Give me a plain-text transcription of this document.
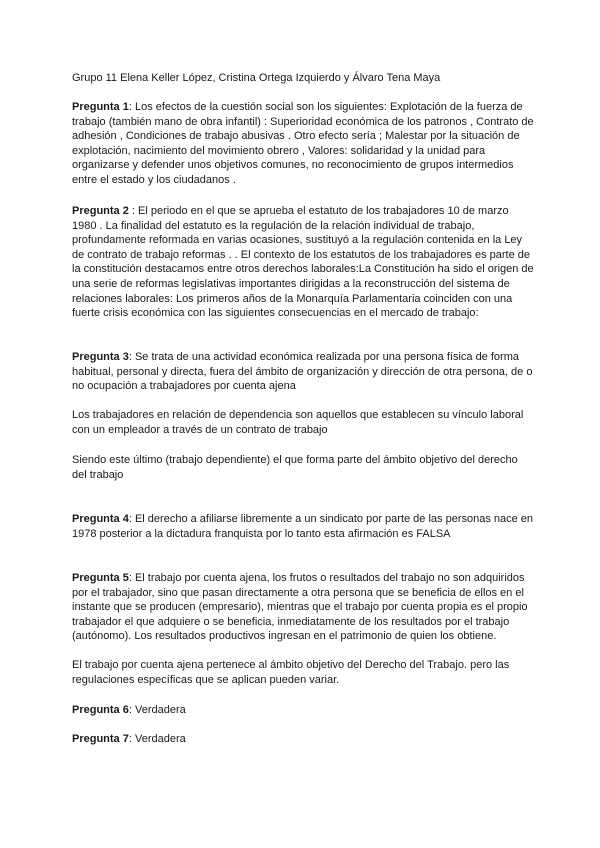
Grupo 11 Elena Keller López, Cristina Ortega Izquierdo y Álvaro Tena Maya

Pregunta 1: Los efectos de la cuestión social son los siguientes: Explotación de la fuerza de trabajo (también mano de obra infantil) : Superioridad económica de los patronos , Contrato de adhesión , Condiciones de trabajo abusivas . Otro efecto sería ; Malestar por la situación de explotación, nacimiento del movimiento obrero , Valores: solidaridad y la unidad para organizarse y defender unos objetivos comunes, no reconocimiento de grupos intermedios entre el estado y los ciudadanos .

Pregunta 2 : El periodo en el que se aprueba el estatuto de los trabajadores 10 de marzo 1980 . La finalidad del estatuto es la regulación de la relación individual de trabajo, profundamente reformada en varias ocasiones, sustituyó a la regulación contenida en la Ley de contrato de trabajo reformas . . El contexto de los estatutos de los trabajadores es parte de la constitución destacamos entre otros derechos laborales:La Constitución ha sido el origen de una serie de reformas legislativas importantes dirigidas a la reconstrucción del sistema de relaciones laborales: Los primeros años de la Monarquía Parlamentaria coinciden con una fuerte crisis económica con las siguientes consecuencias en el mercado de trabajo:

Pregunta 3: Se trata de una actividad económica realizada por una persona física de forma habitual, personal y directa, fuera del ámbito de organización y dirección de otra persona, de o no ocupación a trabajadores por cuenta ajena

Los trabajadores en relación de dependencia son aquellos que establecen su vínculo laboral con un empleador a través de un contrato de trabajo

Siendo este último (trabajo dependiente) el que forma parte del ámbito objetivo del derecho del trabajo

Pregunta 4: El derecho a afiliarse libremente a un sindicato por parte de las personas nace en 1978 posterior a la dictadura franquista por lo tanto esta afirmación es FALSA

Pregunta 5: El trabajo por cuenta ajena, los frutos o resultados del trabajo no son adquiridos por el trabajador, sino que pasan directamente a otra persona que se beneficia de ellos en el instante que se producen (empresario), mientras que el trabajo por cuenta propia es el propio trabajador el que adquiere o se beneficia, inmediatamente de los resultados por el trabajo (autónomo). Los resultados productivos ingresan en el patrimonio de quien los obtiene.

El trabajo por cuenta ajena pertenece al ámbito objetivo del Derecho del Trabajo. pero las regulaciones específicas que se aplican pueden variar.

Pregunta 6: Verdadera

Pregunta 7: Verdadera
